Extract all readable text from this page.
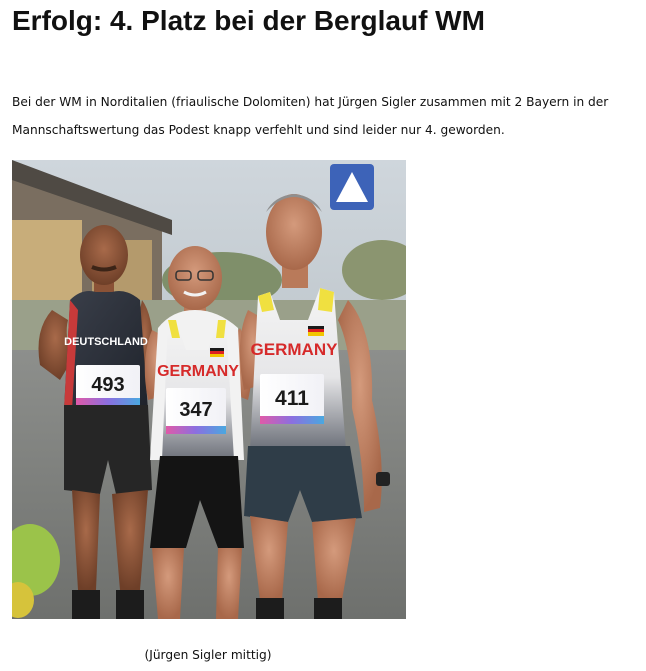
Erfolg: 4. Platz bei der Berglauf WM

Bei der WM in Norditalien (friaulische Dolomiten) hat Jürgen Sigler zusammen mit 2 Bayern in der Mannschaftswertung das Podest knapp verfehlt und sind leider nur 4. geworden.

DEUTSCHLAND
493
GERMANY
347
GERMANY
411
(Jürgen Sigler mittig)
